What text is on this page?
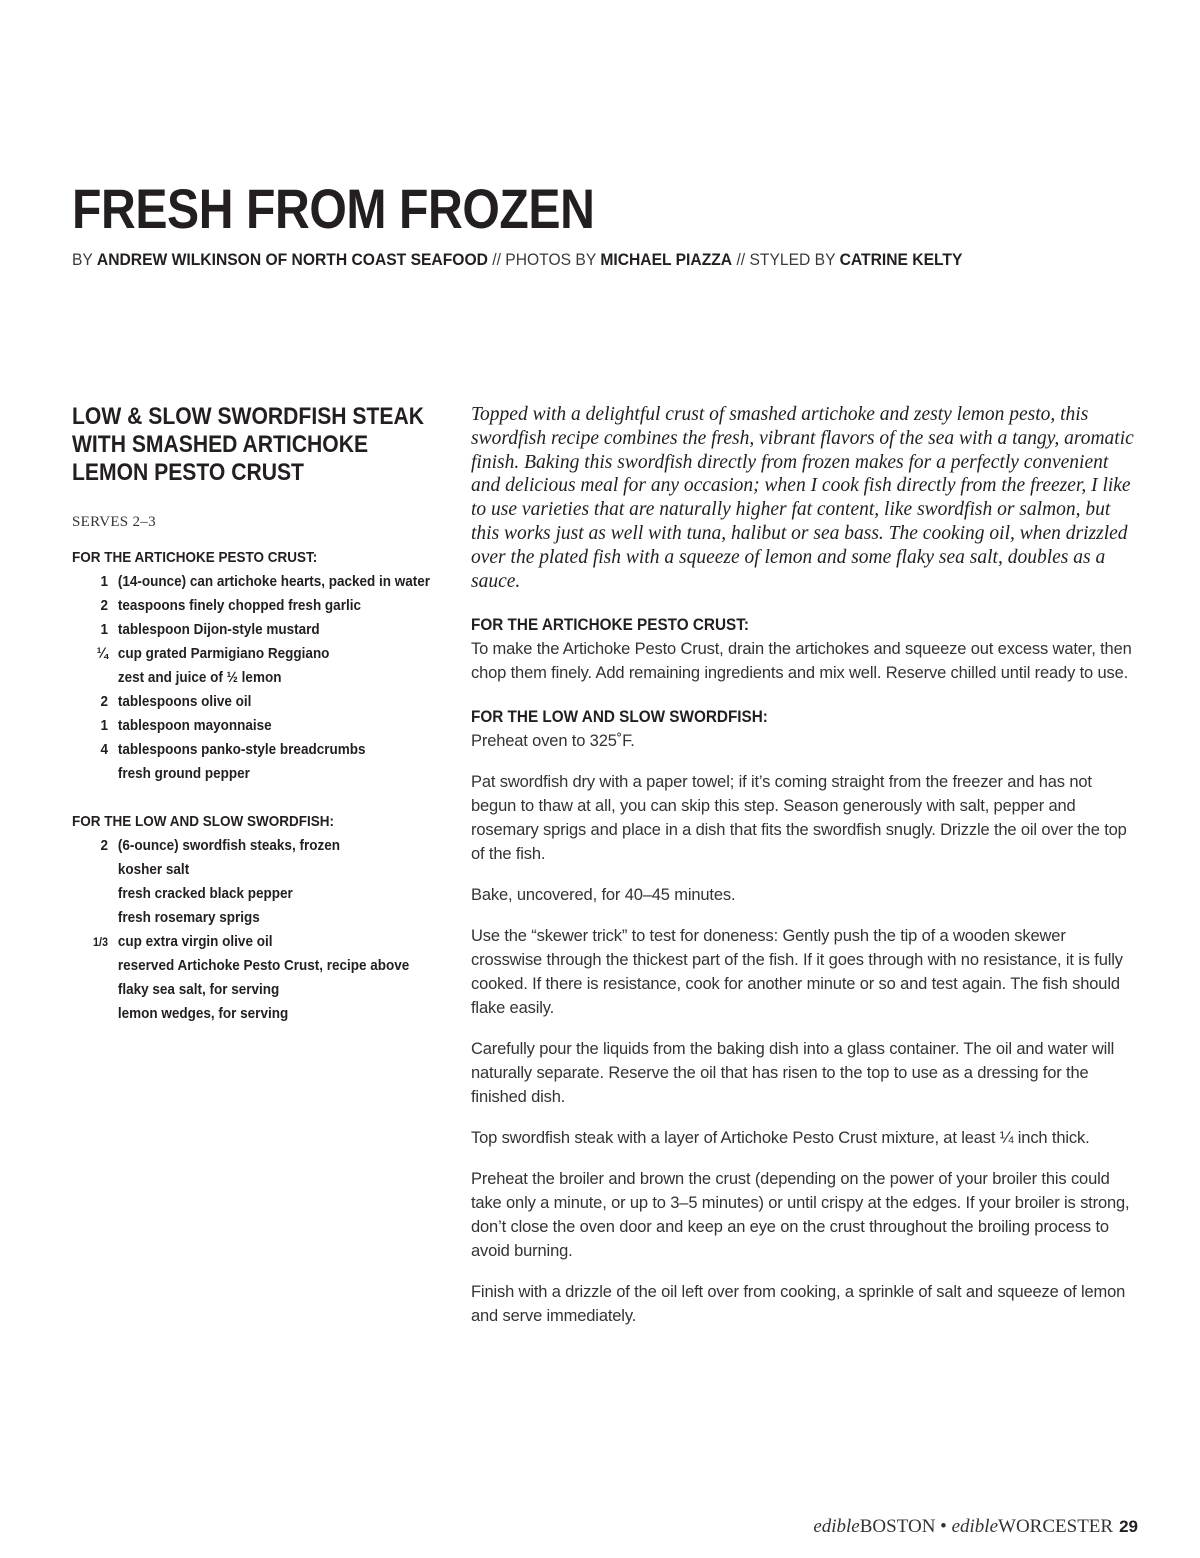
FRESH FROM FROZEN
BY ANDREW WILKINSON OF NORTH COAST SEAFOOD // PHOTOS BY MICHAEL PIAZZA // STYLED BY CATRINE KELTY
LOW & SLOW SWORDFISH STEAK WITH SMASHED ARTICHOKE LEMON PESTO CRUST
SERVES 2–3
FOR THE ARTICHOKE PESTO CRUST:
1 (14-ounce) can artichoke hearts, packed in water
2 teaspoons finely chopped fresh garlic
1 tablespoon Dijon-style mustard
¼ cup grated Parmigiano Reggiano
zest and juice of ½ lemon
2 tablespoons olive oil
1 tablespoon mayonnaise
4 tablespoons panko-style breadcrumbs
fresh ground pepper
FOR THE LOW AND SLOW SWORDFISH:
2 (6-ounce) swordfish steaks, frozen
kosher salt
fresh cracked black pepper
fresh rosemary sprigs
1/3 cup extra virgin olive oil
reserved Artichoke Pesto Crust, recipe above
flaky sea salt, for serving
lemon wedges, for serving

Topped with a delightful crust of smashed artichoke and zesty lemon pesto, this swordfish recipe combines the fresh, vibrant flavors of the sea with a tangy, aromatic finish. Baking this swordfish directly from frozen makes for a perfectly convenient and delicious meal for any occasion; when I cook fish directly from the freezer, I like to use varieties that are naturally higher fat content, like swordfish or salmon, but this works just as well with tuna, halibut or sea bass. The cooking oil, when drizzled over the plated fish with a squeeze of lemon and some flaky sea salt, doubles as a sauce.

FOR THE ARTICHOKE PESTO CRUST:

To make the Artichoke Pesto Crust, drain the artichokes and squeeze out excess water, then chop them finely. Add remaining ingredients and mix well. Reserve chilled until ready to use.

FOR THE LOW AND SLOW SWORDFISH:

Preheat oven to 325˚F.

Pat swordfish dry with a paper towel; if it’s coming straight from the freezer and has not begun to thaw at all, you can skip this step. Season generously with salt, pepper and rosemary sprigs and place in a dish that fits the swordfish snugly. Drizzle the oil over the top of the fish.

Bake, uncovered, for 40–45 minutes.

Use the “skewer trick” to test for doneness: Gently push the tip of a wooden skewer crosswise through the thickest part of the fish. If it goes through with no resistance, it is fully cooked. If there is resistance, cook for another minute or so and test again. The fish should flake easily.

Carefully pour the liquids from the baking dish into a glass container. The oil and water will naturally separate. Reserve the oil that has risen to the top to use as a dressing for the finished dish.

Top swordfish steak with a layer of Artichoke Pesto Crust mixture, at least ¼ inch thick.

Preheat the broiler and brown the crust (depending on the power of your broiler this could take only a minute, or up to 3–5 minutes) or until crispy at the edges. If your broiler is strong, don’t close the oven door and keep an eye on the crust throughout the broiling process to avoid burning.

Finish with a drizzle of the oil left over from cooking, a sprinkle of salt and squeeze of lemon and serve immediately.

edibleBOSTON • edibleWORCESTER 29
